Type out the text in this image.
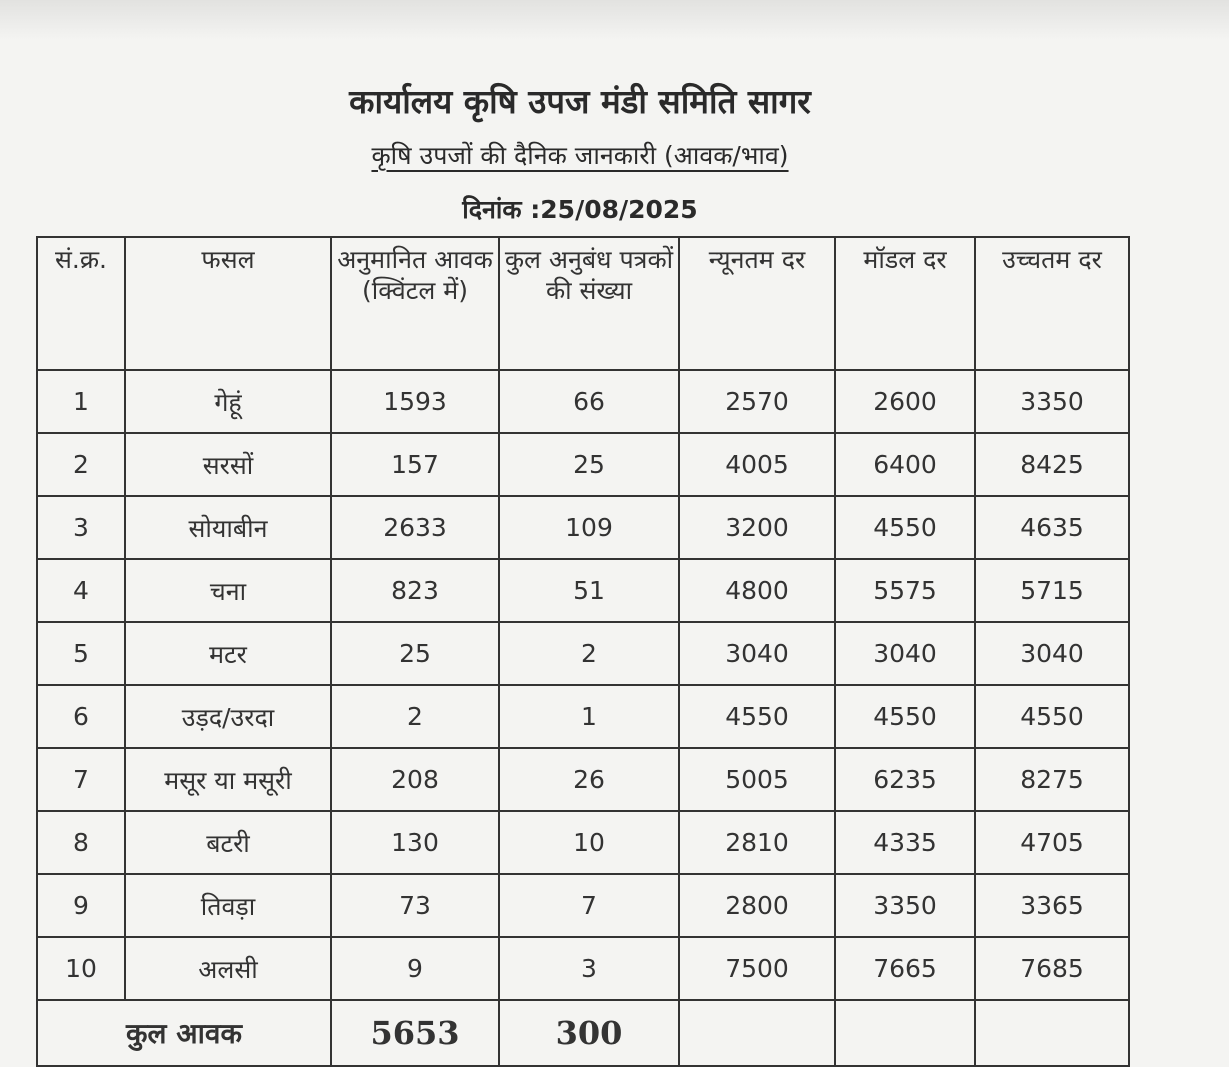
कार्यालय कृषि उपज मंडी समिति सागर
कृषि उपजों की दैनिक जानकारी (आवक/भाव)
दिनांक :25/08/2025
सं.क्र.	फसल	अनुमानित आवक (क्विंटल में)	कुल अनुबंध पत्रकों की संख्या	न्यूनतम दर	मॉडल दर	उच्चतम दर
1	गेहूं	1593	66	2570	2600	3350
2	सरसों	157	25	4005	6400	8425
3	सोयाबीन	2633	109	3200	4550	4635
4	चना	823	51	4800	5575	5715
5	मटर	25	2	3040	3040	3040
6	उड़द/उरदा	2	1	4550	4550	4550
7	मसूर या मसूरी	208	26	5005	6235	8275
8	बटरी	130	10	2810	4335	4705
9	तिवड़ा	73	7	2800	3350	3365
10	अलसी	9	3	7500	7665	7685
कुल आवक		5653	300			
